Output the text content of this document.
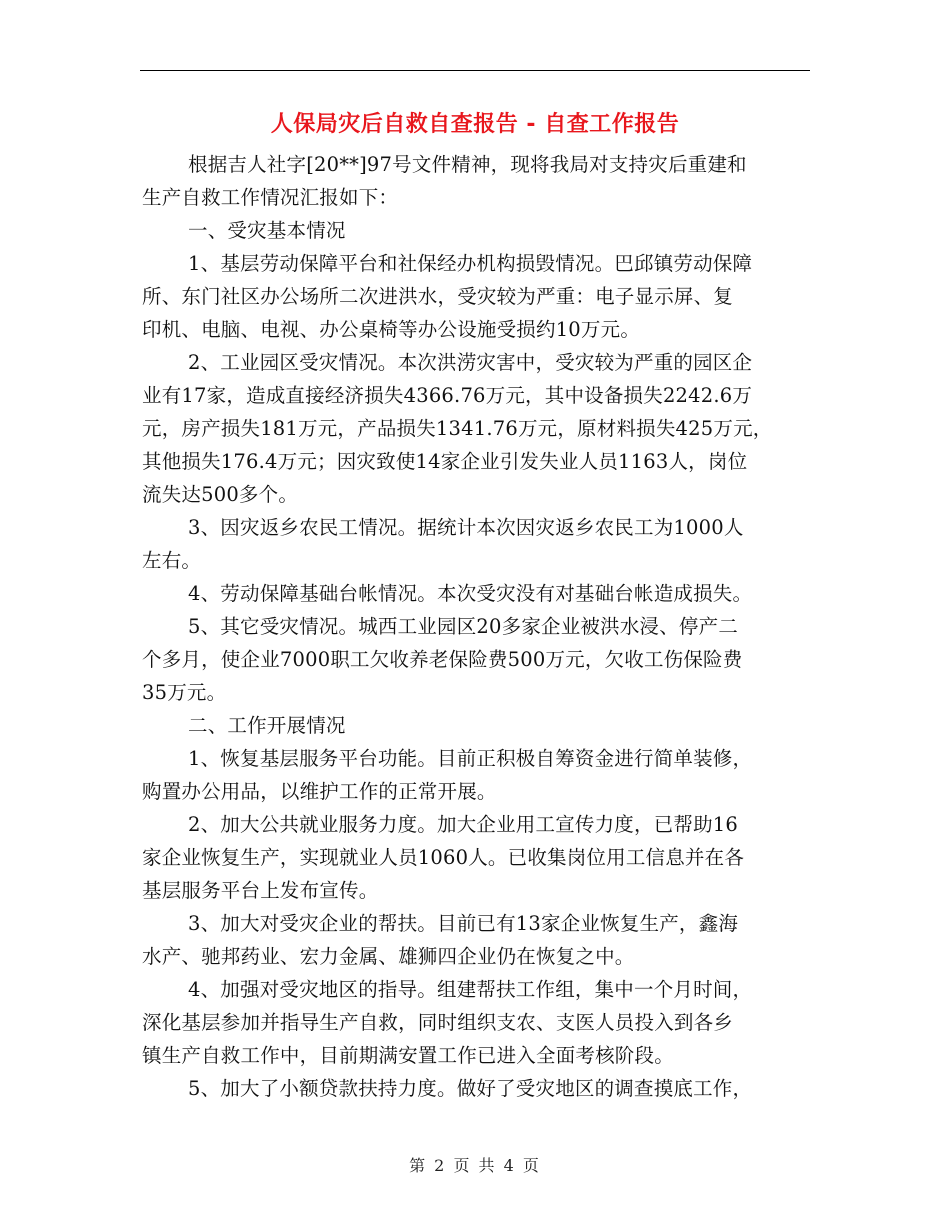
人保局灾后自救自查报告 - 自查工作报告
根据吉人社字[20**]97号文件精神，现将我局对支持灾后重建和
生产自救工作情况汇报如下：
一、受灾基本情况
1、基层劳动保障平台和社保经办机构损毁情况。巴邱镇劳动保障
所、东门社区办公场所二次进洪水，受灾较为严重：电子显示屏、复
印机、电脑、电视、办公桌椅等办公设施受损约10万元。
2、工业园区受灾情况。本次洪涝灾害中，受灾较为严重的园区企
业有17家，造成直接经济损失4366.76万元，其中设备损失2242.6万
元，房产损失181万元，产品损失1341.76万元，原材料损失425万元，
其他损失176.4万元；因灾致使14家企业引发失业人员1163人，岗位
流失达500多个。
3、因灾返乡农民工情况。据统计本次因灾返乡农民工为1000人
左右。
4、劳动保障基础台帐情况。本次受灾没有对基础台帐造成损失。
5、其它受灾情况。城西工业园区20多家企业被洪水浸、停产二
个多月，使企业7000职工欠收养老保险费500万元，欠收工伤保险费
35万元。
二、工作开展情况
1、恢复基层服务平台功能。目前正积极自筹资金进行简单装修，
购置办公用品，以维护工作的正常开展。
2、加大公共就业服务力度。加大企业用工宣传力度，已帮助16
家企业恢复生产，实现就业人员1060人。已收集岗位用工信息并在各
基层服务平台上发布宣传。
3、加大对受灾企业的帮扶。目前已有13家企业恢复生产，鑫海
水产、驰邦药业、宏力金属、雄狮四企业仍在恢复之中。
4、加强对受灾地区的指导。组建帮扶工作组，集中一个月时间，
深化基层参加并指导生产自救，同时组织支农、支医人员投入到各乡
镇生产自救工作中，目前期满安置工作已进入全面考核阶段。
5、加大了小额贷款扶持力度。做好了受灾地区的调查摸底工作，
第 2 页 共 4 页
